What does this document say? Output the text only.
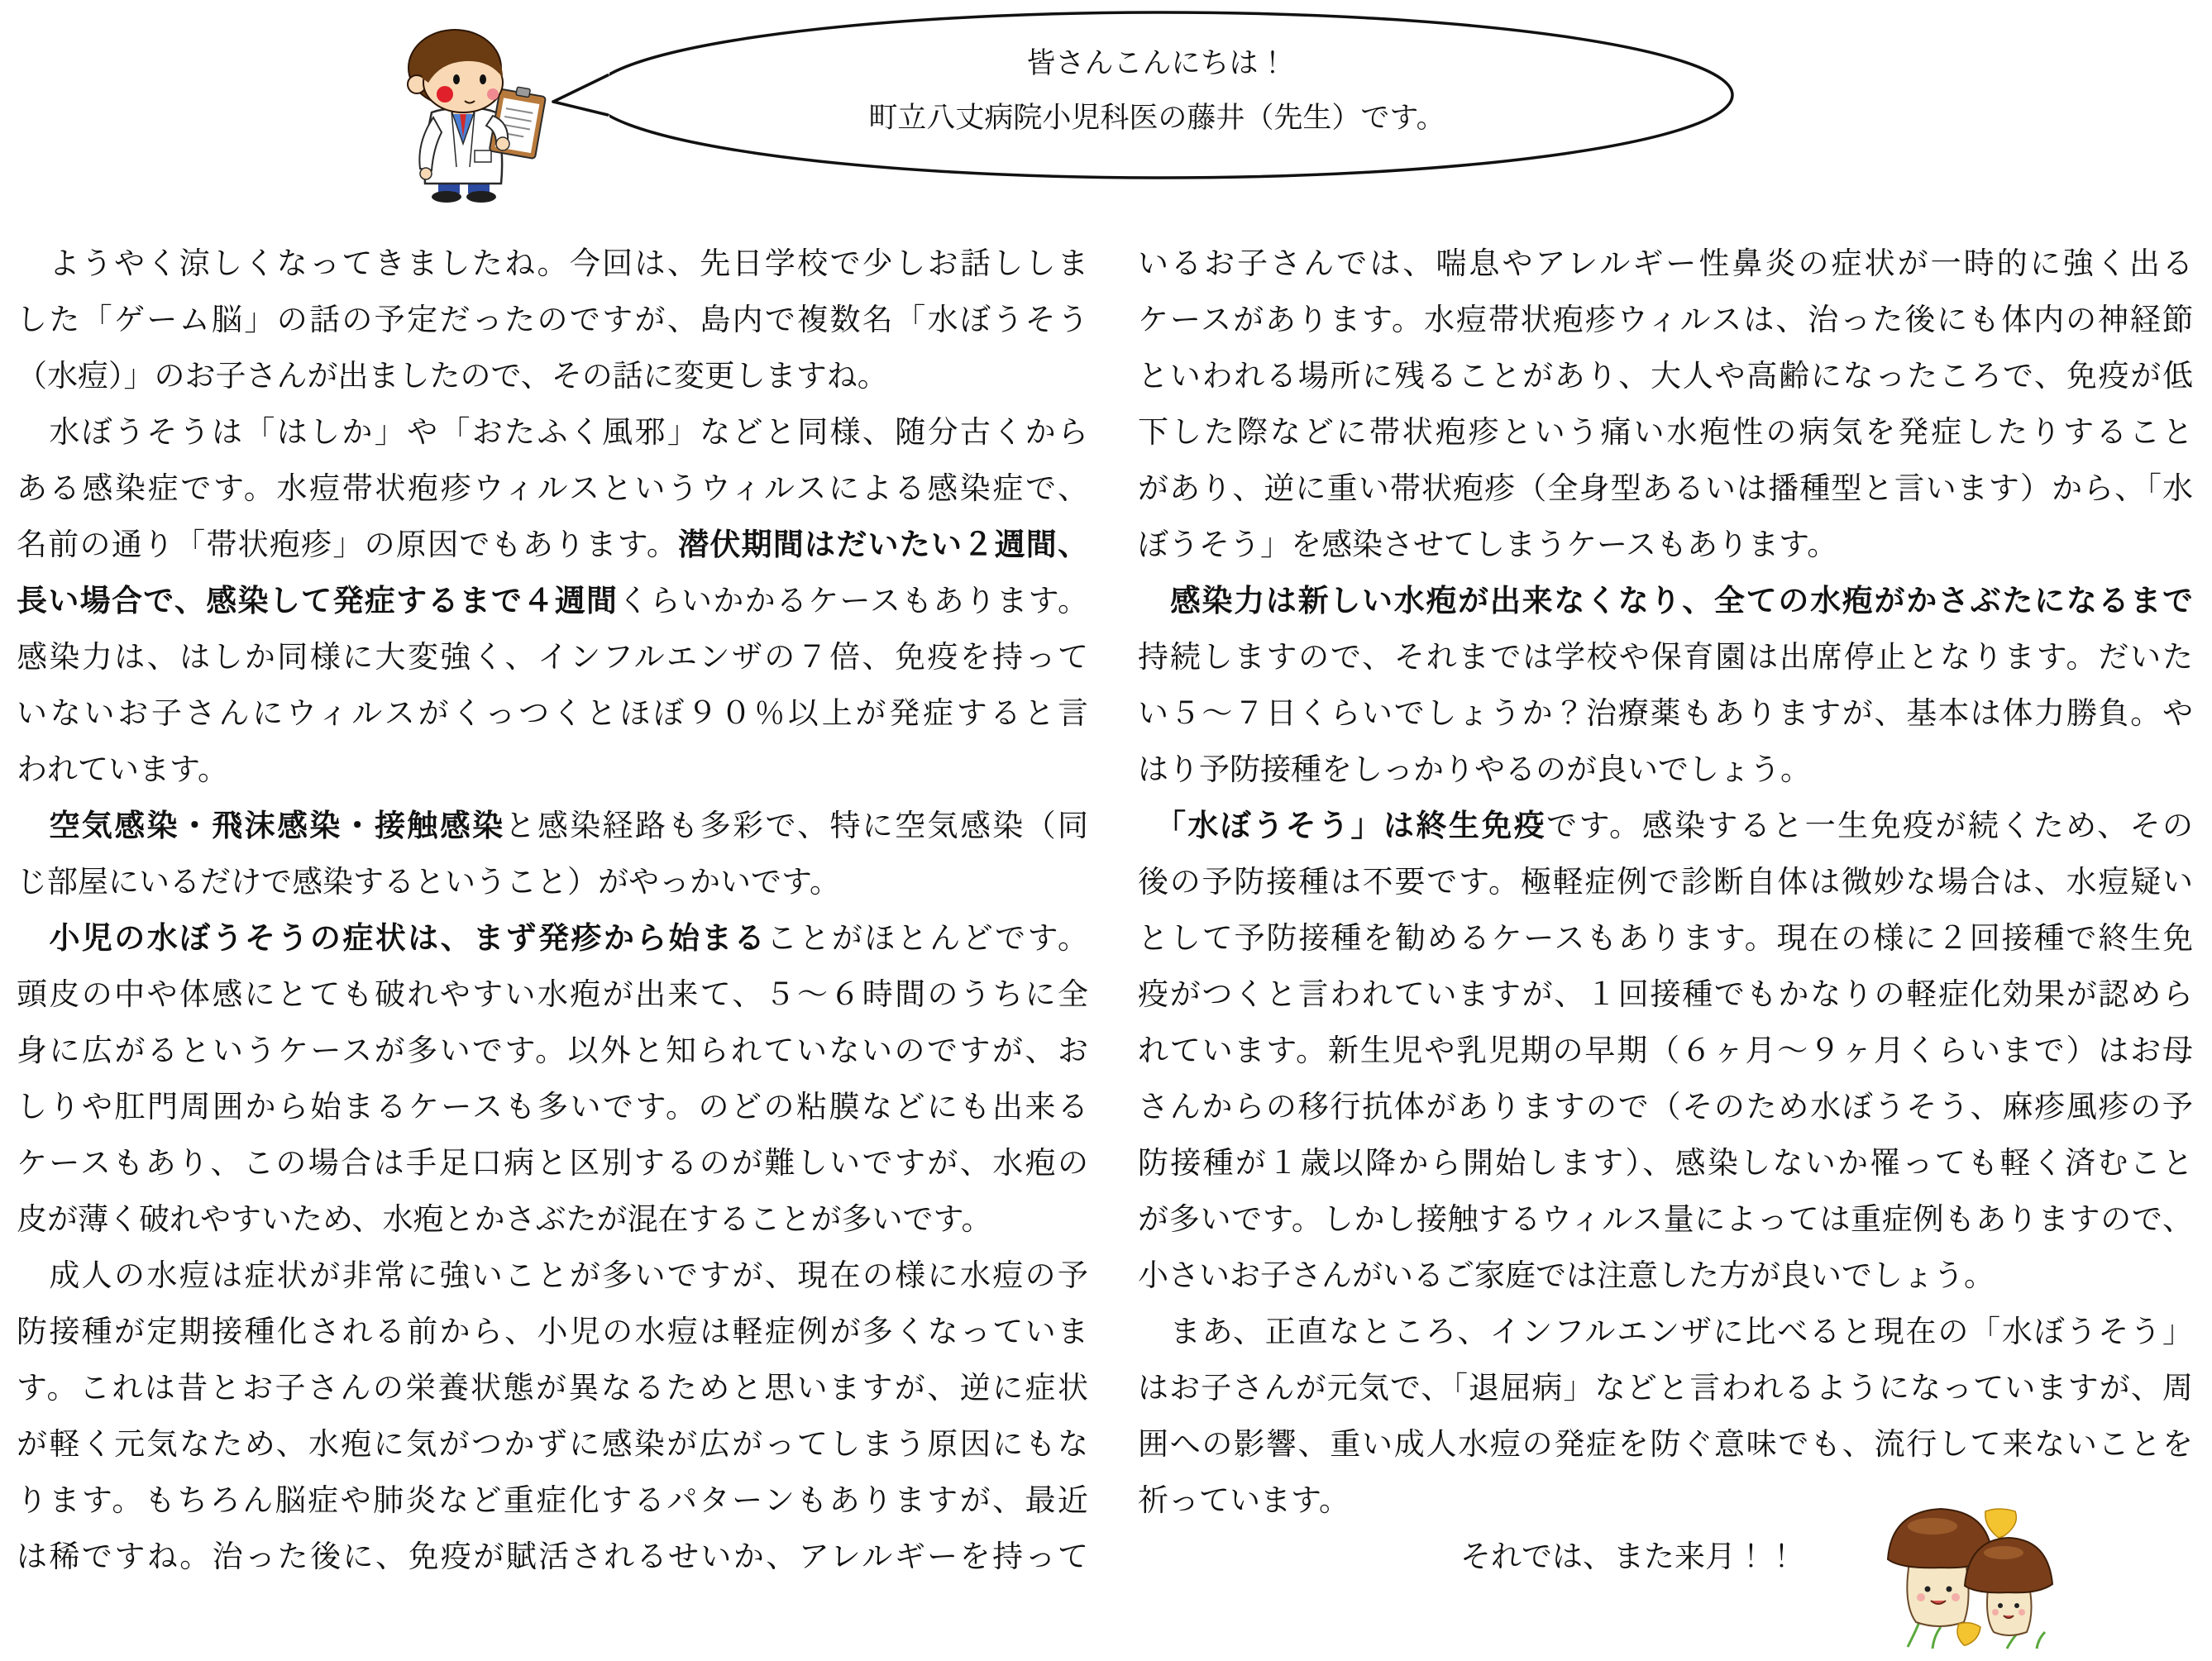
皆さんこんにちは！
町立八丈病院小児科医の藤井（先生）です。
　ようやく涼しくなってきましたね。今回は、先日学校で少しお話ししま
した「ゲーム脳」の話の予定だったのですが、島内で複数名「水ぼうそう
（水痘）」のお子さんが出ましたので、その話に変更しますね。
　水ぼうそうは「はしか」や「おたふく風邪」などと同様、随分古くから
ある感染症です。水痘帯状疱疹ウィルスというウィルスによる感染症で、
名前の通り「帯状疱疹」の原因でもあります。潜伏期間はだいたい２週間、
長い場合で、感染して発症するまで４週間くらいかかるケースもあります。
感染力は、はしか同様に大変強く、インフルエンザの７倍、免疫を持って
いないお子さんにウィルスがくっつくとほぼ９０％以上が発症すると言
われています。
　空気感染・飛沫感染・接触感染と感染経路も多彩で、特に空気感染（同
じ部屋にいるだけで感染するということ）がやっかいです。
　小児の水ぼうそうの症状は、まず発疹から始まることがほとんどです。
頭皮の中や体感にとても破れやすい水疱が出来て、５～６時間のうちに全
身に広がるというケースが多いです。以外と知られていないのですが、お
しりや肛門周囲から始まるケースも多いです。のどの粘膜などにも出来る
ケースもあり、この場合は手足口病と区別するのが難しいですが、水疱の
皮が薄く破れやすいため、水疱とかさぶたが混在することが多いです。
　成人の水痘は症状が非常に強いことが多いですが、現在の様に水痘の予
防接種が定期接種化される前から、小児の水痘は軽症例が多くなっていま
す。これは昔とお子さんの栄養状態が異なるためと思いますが、逆に症状
が軽く元気なため、水疱に気がつかずに感染が広がってしまう原因にもな
ります。もちろん脳症や肺炎など重症化するパターンもありますが、最近
は稀ですね。治った後に、免疫が賦活されるせいか、アレルギーを持って
いるお子さんでは、喘息やアレルギー性鼻炎の症状が一時的に強く出る
ケースがあります。水痘帯状疱疹ウィルスは、治った後にも体内の神経節
といわれる場所に残ることがあり、大人や高齢になったころで、免疫が低
下した際などに帯状疱疹という痛い水疱性の病気を発症したりすること
があり、逆に重い帯状疱疹（全身型あるいは播種型と言います）から、「水
ぼうそう」を感染させてしまうケースもあります。
　感染力は新しい水疱が出来なくなり、全ての水疱がかさぶたになるまで
持続しますので、それまでは学校や保育園は出席停止となります。だいた
い５～７日くらいでしょうか？治療薬もありますが、基本は体力勝負。や
はり予防接種をしっかりやるのが良いでしょう。
　「水ぼうそう」は終生免疫です。感染すると一生免疫が続くため、その
後の予防接種は不要です。極軽症例で診断自体は微妙な場合は、水痘疑い
として予防接種を勧めるケースもあります。現在の様に２回接種で終生免
疫がつくと言われていますが、１回接種でもかなりの軽症化効果が認めら
れています。新生児や乳児期の早期（６ヶ月～９ヶ月くらいまで）はお母
さんからの移行抗体がありますので（そのため水ぼうそう、麻疹風疹の予
防接種が１歳以降から開始します）、感染しないか罹っても軽く済むこと
が多いです。しかし接触するウィルス量によっては重症例もありますので、
小さいお子さんがいるご家庭では注意した方が良いでしょう。
　まあ、正直なところ、インフルエンザに比べると現在の「水ぼうそう」
はお子さんが元気で、「退屈病」などと言われるようになっていますが、周
囲への影響、重い成人水痘の発症を防ぐ意味でも、流行して来ないことを
祈っています。
それでは、また来月！！
